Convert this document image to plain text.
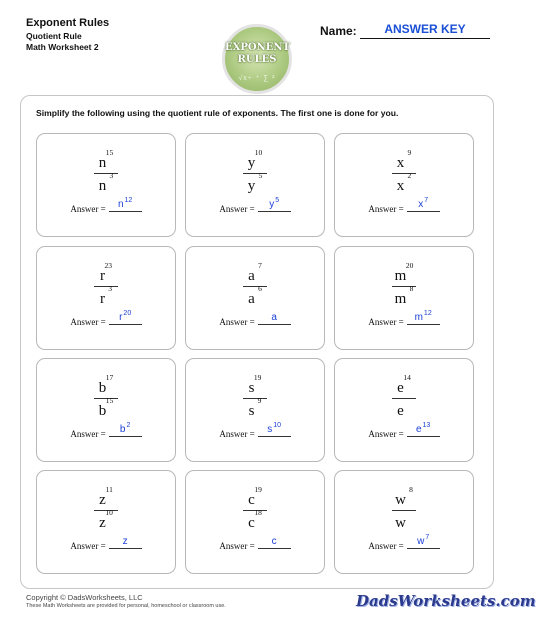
Exponent Rules
Quotient Rule
Math Worksheet 2	EXPONENT
RULES
√x÷ ⁺ ∑ ²
Name:	ANSWER KEY
Simplify the following using the quotient rule of exponents. The first one is done for you.
n
15
n
3
Answer =	$n^{12}$
y
10
y
5
Answer =	$y^5$
x
9
x
2
Answer =	$x^7$
r
23
r
3
Answer =	$r^{20}$
a
7
a
6
Answer =	a
m
20
m
8
Answer =	$m^{12}$
b
17
b
15
Answer =	$b^2$
s
19
s
9
Answer =	$s^{10}$
e
14
e
Answer =	$e^{13}$
z
11
z
10
Answer =	z
c
19
c
18
Answer =	c
w
8
w
Answer =	$w^7$
Copyright © DadsWorksheets, LLC
These Math Worksheets are provided for personal, homeschool or classroom use.	DadsWorksheets.com
